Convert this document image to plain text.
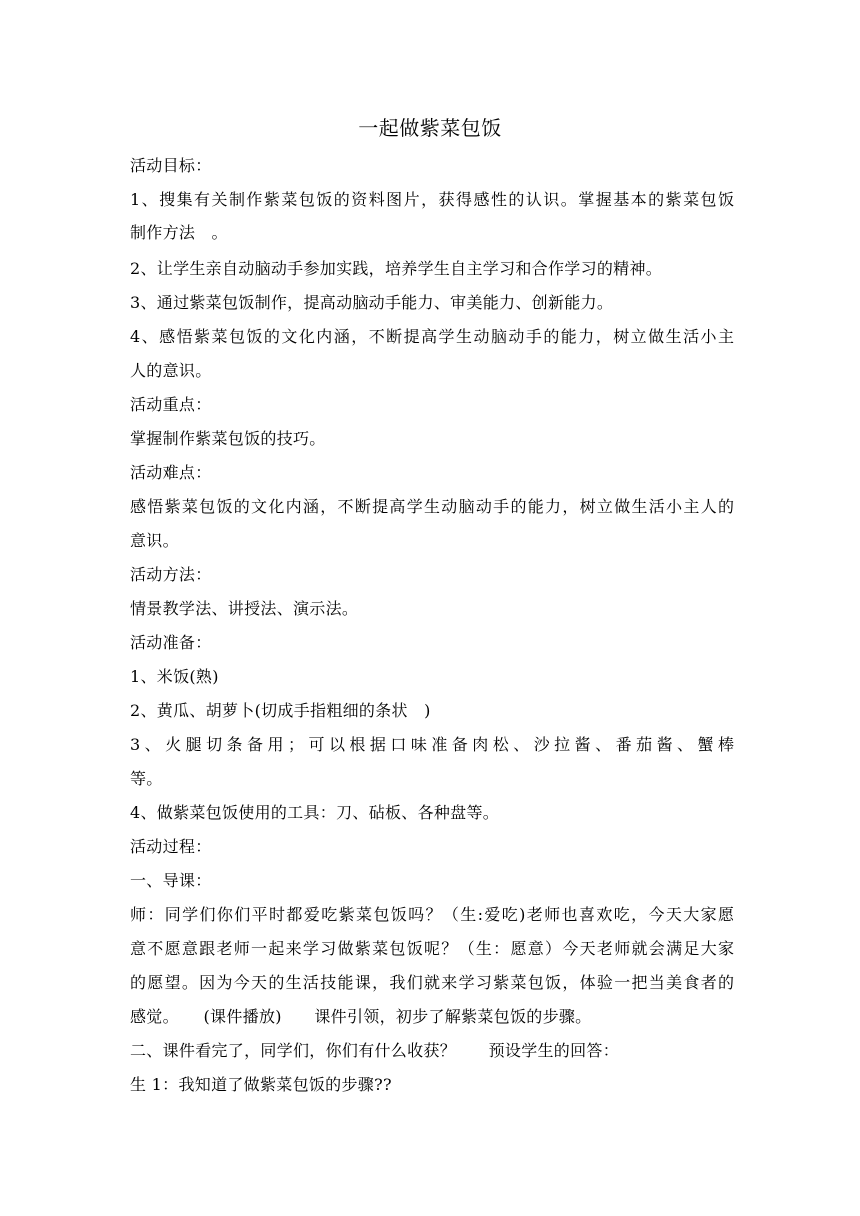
一起做紫菜包饭
活动目标：
1、搜集有关制作紫菜包饭的资料图片，获得感性的认识。掌握基本的紫菜包饭
制作方法　。
2、让学生亲自动脑动手参加实践，培养学生自主学习和合作学习的精神。
3、通过紫菜包饭制作，提高动脑动手能力、审美能力、创新能力。
4、感悟紫菜包饭的文化内涵，不断提高学生动脑动手的能力，树立做生活小主
人的意识。
活动重点：
掌握制作紫菜包饭的技巧。
活动难点：
感悟紫菜包饭的文化内涵，不断提高学生动脑动手的能力，树立做生活小主人的
意识。
活动方法：
情景教学法、讲授法、演示法。
活动准备：
1、米饭(熟)
2、黄瓜、胡萝卜(切成手指粗细的条状　)
3、火腿切条备用；可以根据口味准备肉松、沙拉酱、番茄酱、蟹棒
等。
4、做紫菜包饭使用的工具：刀、砧板、各种盘等。
活动过程：
一、导课：
师：同学们你们平时都爱吃紫菜包饭吗？（生:爱吃)老师也喜欢吃，今天大家愿
意不愿意跟老师一起来学习做紫菜包饭呢？（生：愿意）今天老师就会满足大家
的愿望。因为今天的生活技能课，我们就来学习紫菜包饭，体验一把当美食者的
感觉。　　(课件播放)　　课件引领，初步了解紫菜包饭的步骤。
二、课件看完了，同学们，你们有什么收获？　　预设学生的回答：
生 1：我知道了做紫菜包饭的步骤??
